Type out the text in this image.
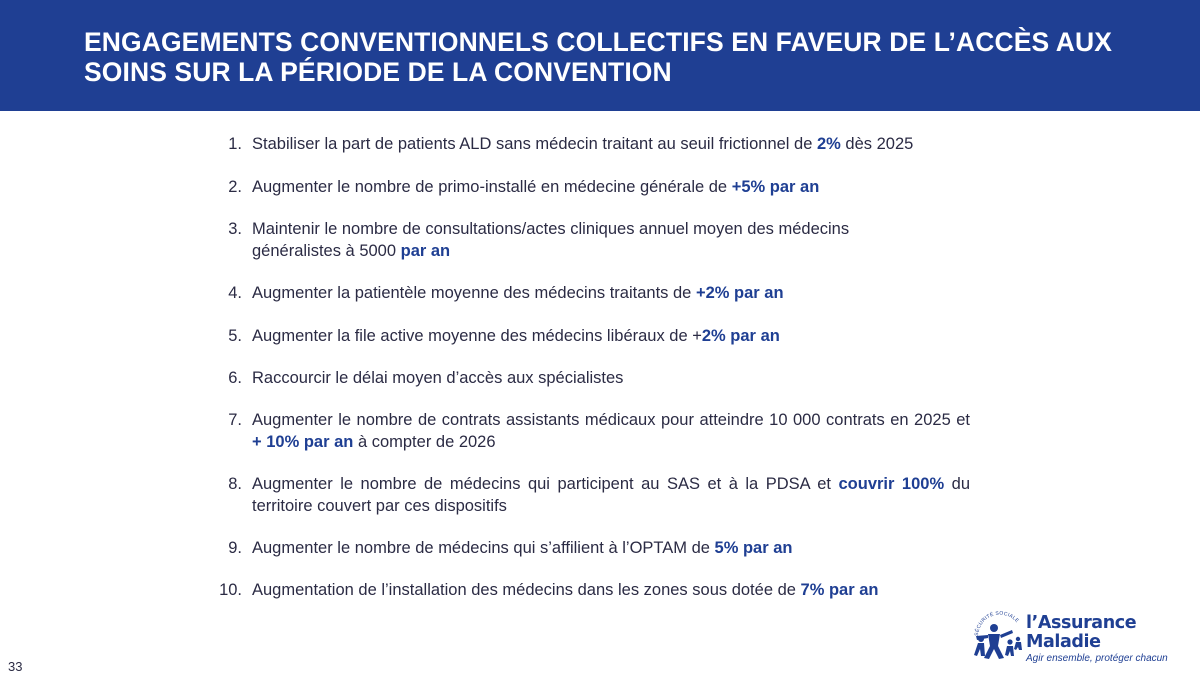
ENGAGEMENTS CONVENTIONNELS COLLECTIFS EN FAVEUR DE L’ACCÈS AUX SOINS SUR LA PÉRIODE DE LA CONVENTION
1. Stabiliser la part de patients ALD sans médecin traitant au seuil frictionnel de 2% dès 2025
2. Augmenter le nombre de primo-installé en médecine générale de +5% par an
3. Maintenir le nombre de consultations/actes cliniques annuel moyen des médecins généralistes à 5000 par an
4. Augmenter la patientèle moyenne des médecins traitants de +2% par an
5. Augmenter la file active moyenne des médecins libéraux de +2% par an
6. Raccourcir le délai moyen d’accès aux spécialistes
7. Augmenter le nombre de contrats assistants médicaux pour atteindre 10 000 contrats en 2025 et + 10% par an à compter de 2026
8. Augmenter le nombre de médecins qui participent au SAS et à la PDSA et couvrir 100% du territoire couvert par ces dispositifs
9. Augmenter le nombre de médecins qui s’affilient à l’OPTAM de 5% par an
10. Augmentation de l’installation des médecins dans les zones sous dotée de 7% par an
33
SÉCURITÉ SOCIALE l’Assurance
Maladie
Agir ensemble, protéger chacun
